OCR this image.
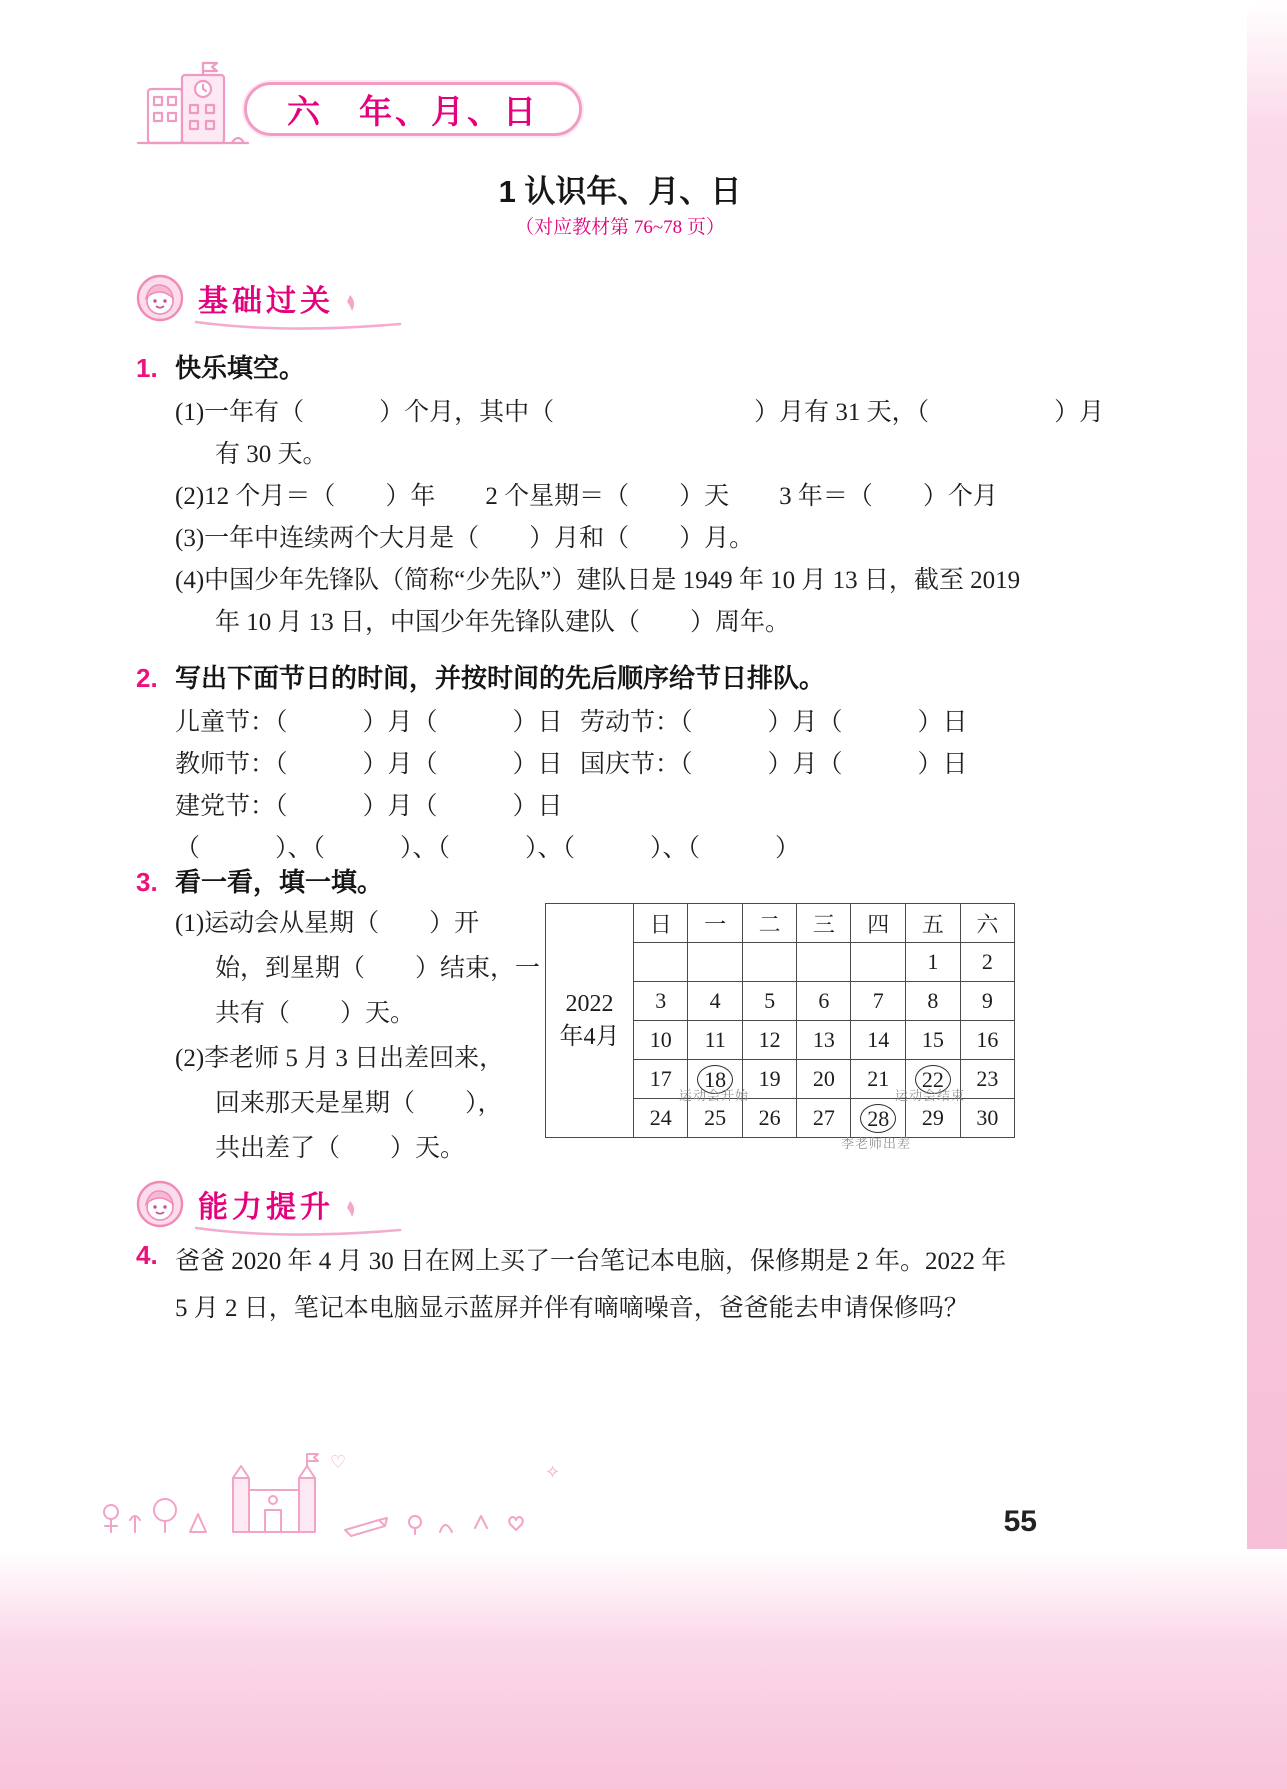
六　年、月、日
1 认识年、月、日
（对应教材第 76~78 页）
基础过关
1. 快乐填空。
(1)一年有（　　　）个月，其中（　　　　　　　　）月有 31 天，（　　　　　）月
有 30 天。
(2)12 个月＝（　　）年　　2 个星期＝（　　）天　　3 年＝（　　）个月
(3)一年中连续两个大月是（　　）月和（　　）月。
(4)中国少年先锋队（简称“少先队”）建队日是 1949 年 10 月 13 日，截至 2019
年 10 月 13 日，中国少年先锋队建队（　　）周年。
2. 写出下面节日的时间，并按时间的先后顺序给节日排队。
儿童节：（　　　）月（　　　）日 劳动节：（　　　）月（　　　）日
教师节：（　　　）月（　　　）日 国庆节：（　　　）月（　　　）日
建党节：（　　　）月（　　　）日
（　　　）、（　　　）、（　　　）、（　　　）、（　　　）
3. 看一看，填一填。
(1)运动会从星期（　　）开
始，到星期（　　）结束，一
共有（　　）天。
(2)李老师 5 月 3 日出差回来，
回来那天是星期（　　），
共出差了（　　）天。
2022
年4月	日	一	二	三	四	五	六
						1	2
	3	4	5	6	7	8	9
	10	11	12	13	14	15	16
	17	18	19	20	21	22	23
	24	25	26	27	28	29	30
运动会开始	运动会结束
李老师出差
能力提升
4. 爸爸 2020 年 4 月 30 日在网上买了一台笔记本电脑，保修期是 2 年。2022 年
5 月 2 日，笔记本电脑显示蓝屏并伴有嘀嘀噪音，爸爸能去申请保修吗？
♡	✧
55
